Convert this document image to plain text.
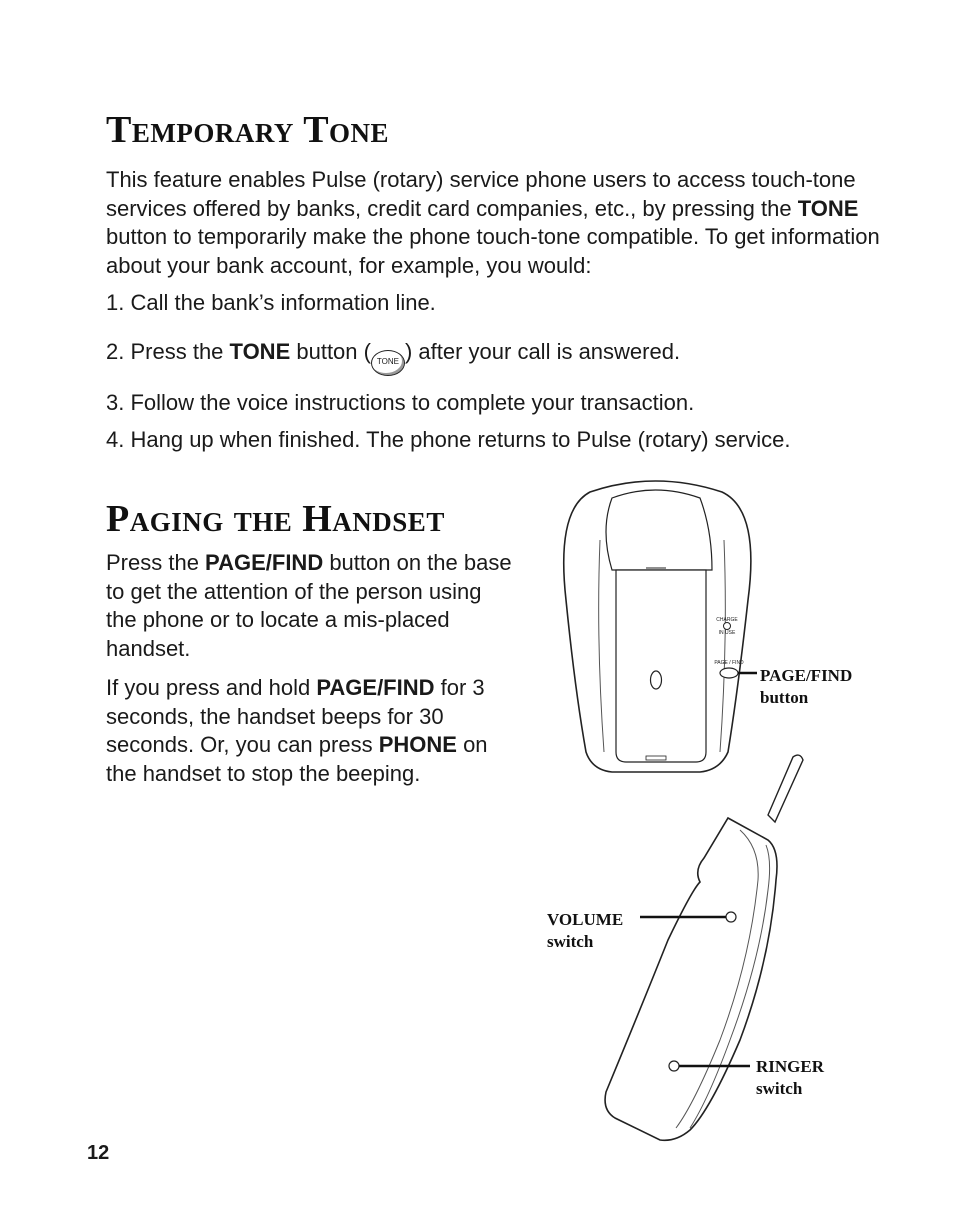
Temporary Tone

This feature enables Pulse (rotary) service phone users to access touch-tone services offered by banks, credit card companies, etc., by pressing the TONE button to temporarily make the phone touch-tone compatible. To get information about your bank account, for example, you would:

1. Call the bank’s information line.
2. Press the TONE button ( TONE ) after your call is answered.
3. Follow the voice instructions to complete your transaction.
4. Hang up when finished. The phone returns to Pulse (rotary) service.
Paging the Handset

Press the PAGE/FIND button on the base to get the attention of the person using the phone or to locate a mis-placed handset.

If you press and hold PAGE/FIND for 3 seconds, the handset beeps for 30 seconds. Or, you can press PHONE on the handset to stop the beeping.

CHARGE
IN USE
PAGE / FIND
PAGE/FIND
button
VOLUME
switch
RINGER
switch
12
